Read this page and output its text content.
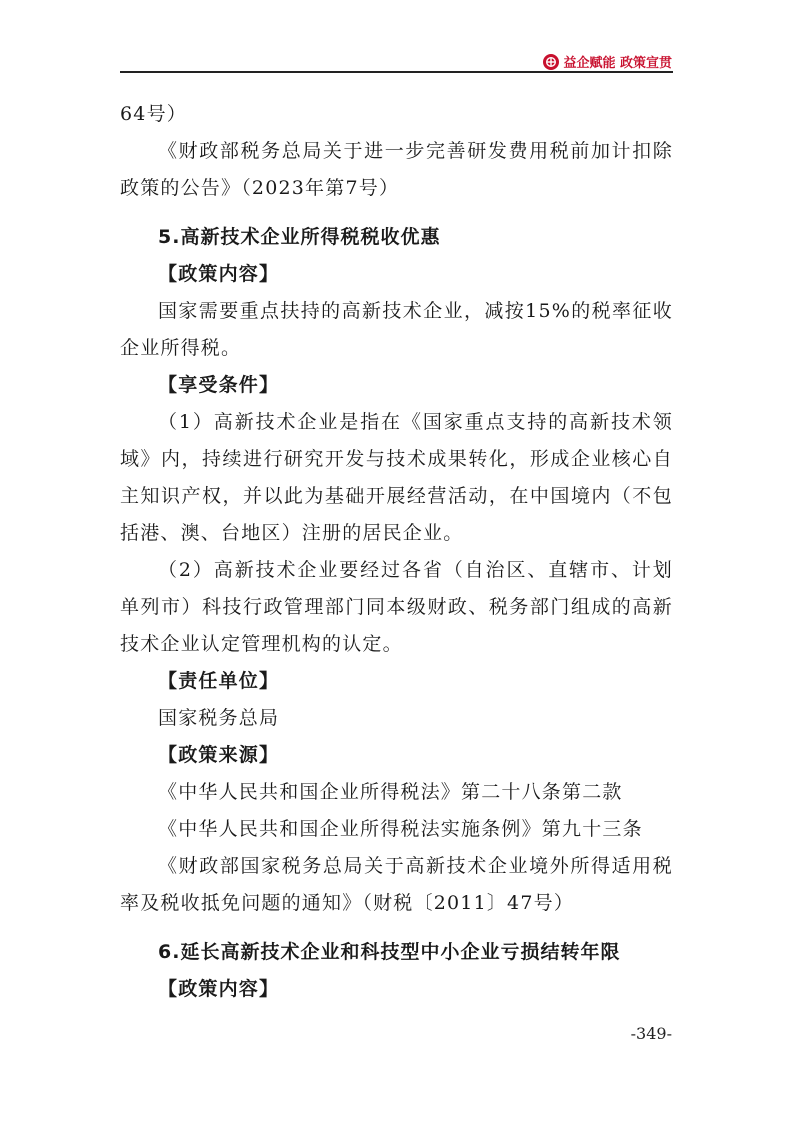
益企赋能 政策宣贯

64号）

《财政部税务总局关于进一步完善研发费用税前加计扣除政策的公告》（2023年第7号）

5.高新技术企业所得税税收优惠

【政策内容】

国家需要重点扶持的高新技术企业，减按15%的税率征收企业所得税。

【享受条件】

（1）高新技术企业是指在《国家重点支持的高新技术领域》内，持续进行研究开发与技术成果转化，形成企业核心自主知识产权，并以此为基础开展经营活动，在中国境内（不包括港、澳、台地区）注册的居民企业。

（2）高新技术企业要经过各省（自治区、直辖市、计划单列市）科技行政管理部门同本级财政、税务部门组成的高新技术企业认定管理机构的认定。

【责任单位】

国家税务总局

【政策来源】

《中华人民共和国企业所得税法》第二十八条第二款

《中华人民共和国企业所得税法实施条例》第九十三条

《财政部国家税务总局关于高新技术企业境外所得适用税率及税收抵免问题的通知》（财税〔2011〕47号）

6.延长高新技术企业和科技型中小企业亏损结转年限

【政策内容】

-349-
